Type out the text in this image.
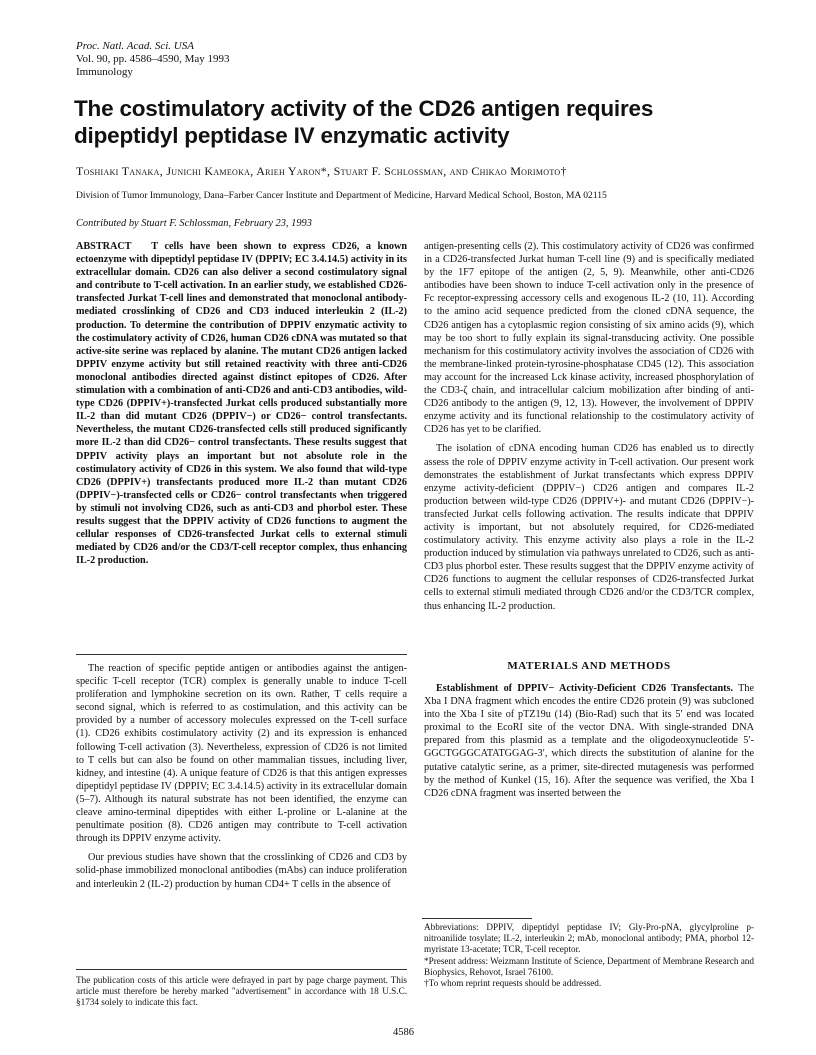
Proc. Natl. Acad. Sci. USA
Vol. 90, pp. 4586–4590, May 1993
Immunology
The costimulatory activity of the CD26 antigen requires dipeptidyl peptidase IV enzymatic activity
Toshiaki Tanaka, Junichi Kameoka, Arieh Yaron*, Stuart F. Schlossman, and Chikao Morimoto†
Division of Tumor Immunology, Dana–Farber Cancer Institute and Department of Medicine, Harvard Medical School, Boston, MA 02115
Contributed by Stuart F. Schlossman, February 23, 1993

ABSTRACT T cells have been shown to express CD26, a known ectoenzyme with dipeptidyl peptidase IV (DPPIV; EC 3.4.14.5) activity in its extracellular domain. CD26 can also deliver a second costimulatory signal and contribute to T-cell activation. In an earlier study, we established CD26-transfected Jurkat T-cell lines and demonstrated that monoclonal antibody-mediated crosslinking of CD26 and CD3 induced interleukin 2 (IL-2) production. To determine the contribution of DPPIV enzymatic activity to the costimulatory activity of CD26, human CD26 cDNA was mutated so that active-site serine was replaced by alanine. The mutant CD26 antigen lacked DPPIV enzyme activity but still retained reactivity with three anti-CD26 monoclonal antibodies directed against distinct epitopes of CD26. After stimulation with a combination of anti-CD26 and anti-CD3 antibodies, wild-type CD26 (DPPIV+)-transfected Jurkat cells produced substantially more IL-2 than did mutant CD26 (DPPIV−) or CD26− control transfectants. Nevertheless, the mutant CD26-transfected cells still produced significantly more IL-2 than did CD26− control transfectants. These results suggest that DPPIV activity plays an important but not absolute role in the costimulatory activity of CD26 in this system. We also found that wild-type CD26 (DPPIV+) transfectants produced more IL-2 than mutant CD26 (DPPIV−)-transfected cells or CD26− control transfectants when triggered by stimuli not involving CD26, such as anti-CD3 and phorbol ester. These results suggest that the DPPIV activity of CD26 functions to augment the cellular responses of CD26-transfected Jurkat cells to external stimuli mediated by CD26 and/or the CD3/T-cell receptor complex, thus enhancing IL-2 production.

The reaction of specific peptide antigen or antibodies against the antigen-specific T-cell receptor (TCR) complex is generally unable to induce T-cell proliferation and lymphokine secretion on its own. Rather, T cells require a second signal, which is referred to as costimulation, and this activity can be provided by a number of accessory molecules expressed on the T-cell surface (1). CD26 exhibits costimulatory activity (2) and its expression is enhanced following T-cell activation (3). Nevertheless, expression of CD26 is not limited to T cells but can also be found on other mammalian tissues, including liver, kidney, and intestine (4). A unique feature of CD26 is that this antigen expresses dipeptidyl peptidase IV (DPPIV; EC 3.4.14.5) activity in its extracellular domain (5–7). Although its natural substrate has not been identified, the enzyme can cleave amino-terminal dipeptides with either L-proline or L-alanine at the penultimate position (8). CD26 antigen may contribute to T-cell activation through its DPPIV enzyme activity.

Our previous studies have shown that the crosslinking of CD26 and CD3 by solid-phase immobilized monoclonal antibodies (mAbs) can induce proliferation and interleukin 2 (IL-2) production by human CD4+ T cells in the absence of

The publication costs of this article were defrayed in part by page charge payment. This article must therefore be hereby marked "advertisement" in accordance with 18 U.S.C. §1734 solely to indicate this fact.

antigen-presenting cells (2). This costimulatory activity of CD26 was confirmed in a CD26-transfected Jurkat human T-cell line (9) and is specifically mediated by the 1F7 epitope of the antigen (2, 5, 9). Meanwhile, other anti-CD26 antibodies have been shown to induce T-cell activation only in the presence of Fc receptor-expressing accessory cells and exogenous IL-2 (10, 11). According to the amino acid sequence predicted from the cloned cDNA sequence, the CD26 antigen has a cytoplasmic region consisting of six amino acids (9), which may be too short to fully explain its signal-transducing activity. One possible mechanism for this costimulatory activity involves the association of CD26 with the membrane-linked protein-tyrosine-phosphatase CD45 (12). This association may account for the increased Lck kinase activity, increased phosphorylation of the CD3-ζ chain, and intracellular calcium mobilization after binding of anti-CD26 antibody to the antigen (9, 12, 13). However, the involvement of DPPIV enzyme activity and its functional relationship to the costimulatory activity of CD26 has yet to be clarified.

The isolation of cDNA encoding human CD26 has enabled us to directly assess the role of DPPIV enzyme activity in T-cell activation. Our present work demonstrates the establishment of Jurkat transfectants which express DPPIV enzyme activity-deficient (DPPIV−) CD26 antigen and compares IL-2 production between wild-type CD26 (DPPIV+)- and mutant CD26 (DPPIV−)-transfected Jurkat cells following activation. The results indicate that DPPIV activity is important, but not absolutely required, for CD26-mediated costimulatory activity. This enzyme activity also plays a role in the IL-2 production induced by stimulation via pathways unrelated to CD26, such as anti-CD3 plus phorbol ester. These results suggest that the DPPIV enzyme activity of CD26 functions to augment the cellular responses of CD26-transfected Jurkat cells to external stimuli mediated through CD26 and/or the CD3/TCR complex, thus enhancing IL-2 production.

MATERIALS AND METHODS

Establishment of DPPIV− Activity-Deficient CD26 Transfectants. The Xba I DNA fragment which encodes the entire CD26 protein (9) was subcloned into the Xba I site of pTZ19u (14) (Bio-Rad) such that its 5′ end was located proximal to the EcoRI site of the vector DNA. With single-stranded DNA prepared from this plasmid as a template and the oligodeoxynucleotide 5′-GGCTGGGCATATGGAG-3′, which directs the substitution of alanine for the putative catalytic serine, as a primer, site-directed mutagenesis was performed by the method of Kunkel (15, 16). After the sequence was verified, the Xba I CD26 cDNA fragment was inserted between the

Abbreviations: DPPIV, dipeptidyl peptidase IV; Gly-Pro-pNA, glycylproline p-nitroanilide tosylate; IL-2, interleukin 2; mAb, monoclonal antibody; PMA, phorbol 12-myristate 13-acetate; TCR, T-cell receptor.
*Present address: Weizmann Institute of Science, Department of Membrane Research and Biophysics, Rehovot, Israel 76100.
†To whom reprint requests should be addressed.
4586
